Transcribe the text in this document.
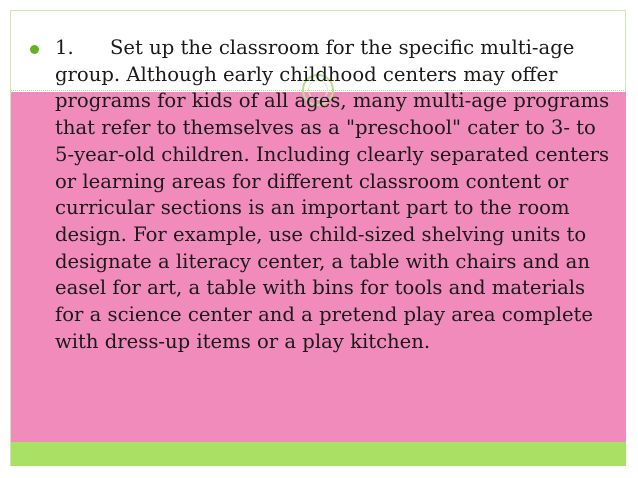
1. Set up the classroom for the specific multi-age group. Although early childhood centers may offer programs for kids of all ages, many multi-age programs that refer to themselves as a "preschool" cater to 3- to 5-year-old children. Including clearly separated centers or learning areas for different classroom content or curricular sections is an important part to the room design. For example, use child-sized shelving units to designate a literacy center, a table with chairs and an easel for art, a table with bins for tools and materials for a science center and a pretend play area complete with dress-up items or a play kitchen.
